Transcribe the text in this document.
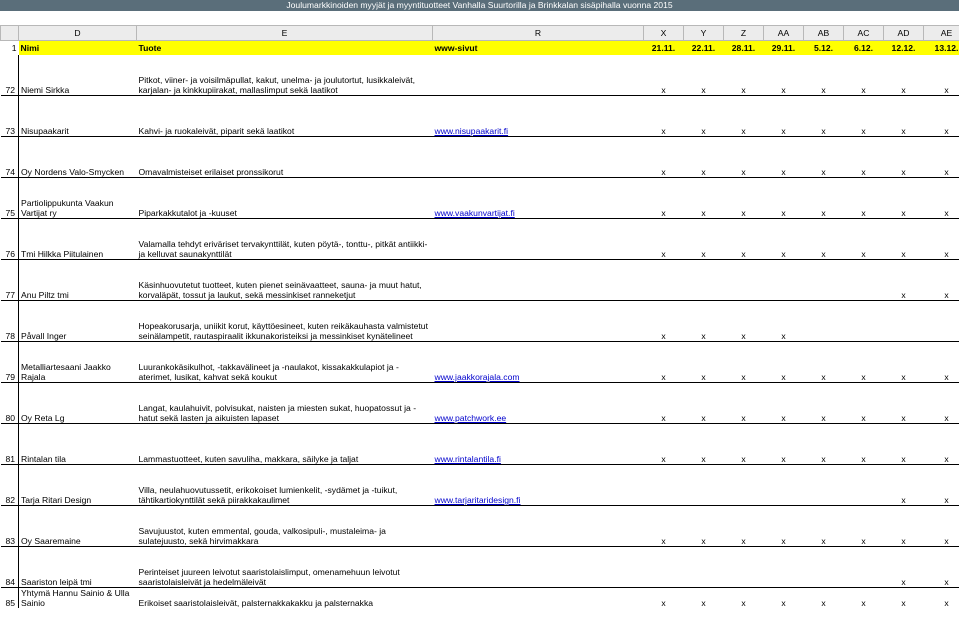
Joulumarkkinoiden myyjät ja myyntituotteet Vanhalla Suurtorilla ja Brinkkalan sisäpihalla vuonna 2015
	D	E	R	X	Y	Z	AA	AB	AC	AD	AE
1	Nimi	Tuote	www-sivut	21.11.	22.11.	28.11.	29.11.	5.12.	6.12.	12.12.	13.12.
72	Niemi Sirkka	Pitkot, viiner- ja voisilmäpullat, kakut, unelma- ja joulutortut, lusikkaleivät, karjalan- ja kinkkupiirakat, mallaslimput sekä laatikot		x	x	x	x	x	x	x	x
73	Nisupaakarit	Kahvi- ja ruokaleivät, piparit sekä laatikot	www.nisupaakarit.fi	x	x	x	x	x	x	x	x
74	Oy Nordens Valo-Smycken	Omavalmisteiset erilaiset pronssikorut		x	x	x	x	x	x	x	x
75	Partiolippukunta Vaakun Vartijat ry	Piparkakkutalot ja -kuuset	www.vaakunvartijat.fi	x	x	x	x	x	x	x	x
76	Tmi Hilkka Piitulainen	Valamalla tehdyt eriväriset tervakynttilät, kuten pöytä-, tonttu-, pitkät antiikki- ja kelluvat saunakynttilät		x	x	x	x	x	x	x	x
77	Anu Piltz tmi	Käsinhuovutetut tuotteet, kuten pienet seinävaatteet, sauna- ja muut hatut, korvaläpät, tossut ja laukut, sekä messinkiset ranneketjut								x	x
78	Påvall Inger	Hopeakorusarja, uniikit korut, käyttöesineet, kuten reikäkauhasta valmistetut seinälampetit, rautaspiraalit ikkunakoristeiksi ja messinkiset kynätelineet		x	x	x	x				
79	Metalliartesaani Jaakko Rajala	Luurankokäsikulhot, -takkavälineet ja -naulakot, kissakakkulapiot ja -aterimet, lusikat, kahvat sekä koukut	www.jaakkorajala.com	x	x	x	x	x	x	x	x
80	Oy Reta Lg	Langat, kaulahuivit, polvisukat, naisten ja miesten sukat, huopatossut ja -hatut sekä lasten ja aikuisten lapaset	www.patchwork.ee	x	x	x	x	x	x	x	x
81	Rintalan tila	Lammastuotteet, kuten savuliha, makkara, säilykе ja taljat	www.rintalantila.fi	x	x	x	x	x	x	x	x
82	Tarja Ritari Design	Villa, neulahuovutussetit, erikokoiset lumienkelit, -sydämet ja -tuikut, tähtikartiokynttilät sekä piirakkakaulimet	www.tarjaritaridesign.fi							x	x
83	Oy Saaremaine	Savujuustot, kuten emmental, gouda, valkosipuli-, mustaleima- ja sulatejuusto, sekä hirvimakkara		x	x	x	x	x	x	x	x
84	Saariston leipä tmi	Perinteiset juureen leivotut saaristolaislimput, omenamehuun leivotut saaristolaisleivät ja hedelmäleivät								x	x
85	Yhtymä Hannu Sainio & Ulla Sainio	Erikoiset saaristolaisleivät, palsternakkakakku ja palsternakka		x	x	x	x	x	x	x	x
